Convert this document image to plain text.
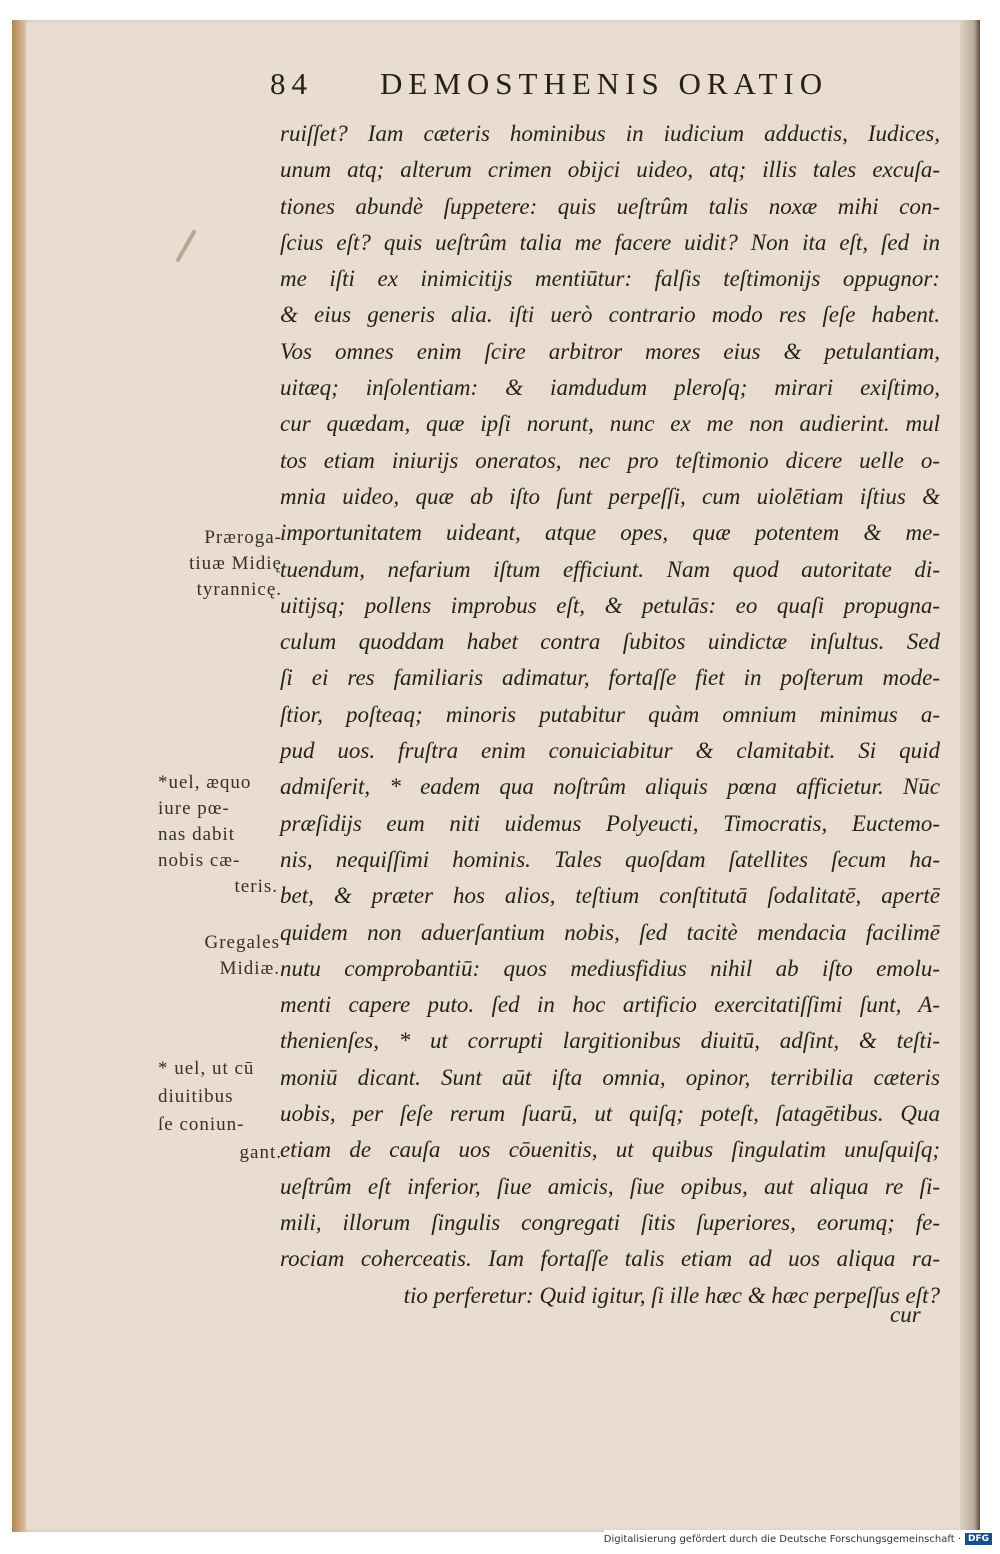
84 DEMOSTHENIS ORATIO
ruiſſet? Iam cæteris hominibus in iudicium adductis, Iudices,
unum atq; alterum crimen obijci uideo, atq; illis tales excuſa-
tiones abundè ſuppetere: quis ueſtrûm talis noxæ mihi con-
ſcius eſt? quis ueſtrûm talia me facere uidit? Non ita eſt, ſed in
me iſti ex inimicitijs mentiūtur: falſis teſtimonijs oppugnor:
& eius generis alia. iſti uerò contrario modo res ſeſe habent.
Vos omnes enim ſcire arbitror mores eius & petulantiam,
uitæq; inſolentiam: & iamdudum pleroſq; mirari exiſtimo,
cur quædam, quæ ipſi norunt, nunc ex me non audierint. mul
tos etiam iniurijs oneratos, nec pro teſtimonio dicere uelle o-
mnia uideo, quæ ab iſto ſunt perpeſſi, cum uiolētiam iſtius &
importunitatem uideant, atque opes, quæ potentem & me-
tuendum, nefarium iſtum efficiunt. Nam quod autoritate di-
uitijsq; pollens improbus eſt, & petulās: eo quaſi propugna-
culum quoddam habet contra ſubitos uindictæ inſultus. Sed
ſi ei res familiaris adimatur, fortaſſe fiet in poſterum mode-
ſtior, poſteaq; minoris putabitur quàm omnium minimus a-
pud uos. fruſtra enim conuiciabitur & clamitabit. Si quid
admiſerit, * eadem qua noſtrûm aliquis pœna afficietur. Nūc
præſidijs eum niti uidemus Polyeucti, Timocratis, Euctemo-
nis, nequiſſimi hominis. Tales quoſdam ſatellites ſecum ha-
bet, & præter hos alios, teſtium conſtitutā ſodalitatē, apertē
quidem non aduerſantium nobis, ſed tacitè mendacia facilimē
nutu comprobantiū: quos mediusfidius nihil ab iſto emolu-
menti capere puto. ſed in hoc artificio exercitatiſſimi ſunt, A-
thenienſes, * ut corrupti largitionibus diuitū, adſint, & teſti-
moniū dicant. Sunt aūt iſta omnia, opinor, terribilia cæteris
uobis, per ſeſe rerum ſuarū, ut quiſq; poteſt, ſatagētibus. Qua
etiam de cauſa uos cōuenitis, ut quibus ſingulatim unuſquiſq;
ueſtrûm eſt inferior, ſiue amicis, ſiue opibus, aut aliqua re ſi-
mili, illorum ſingulis congregati ſitis ſuperiores, eorumq; fe-
rociam coherceatis. Iam fortaſſe talis etiam ad uos aliqua ra-
tio perferetur: Quid igitur, ſi ille hæc & hæc perpeſſus eſt?
Prærogа-
tiuæ Midię
tyrannicę.
*uel, æquo
iure pœ-
nas dabit
nobis cæ-
teris.
Gregales
Midiæ.
* uel, ut cū
diuitibus
ſe coniun-
gant.
cur
Digitalisierung gefördert durch die Deutsche Forschungsgemeinschaft · DFG
